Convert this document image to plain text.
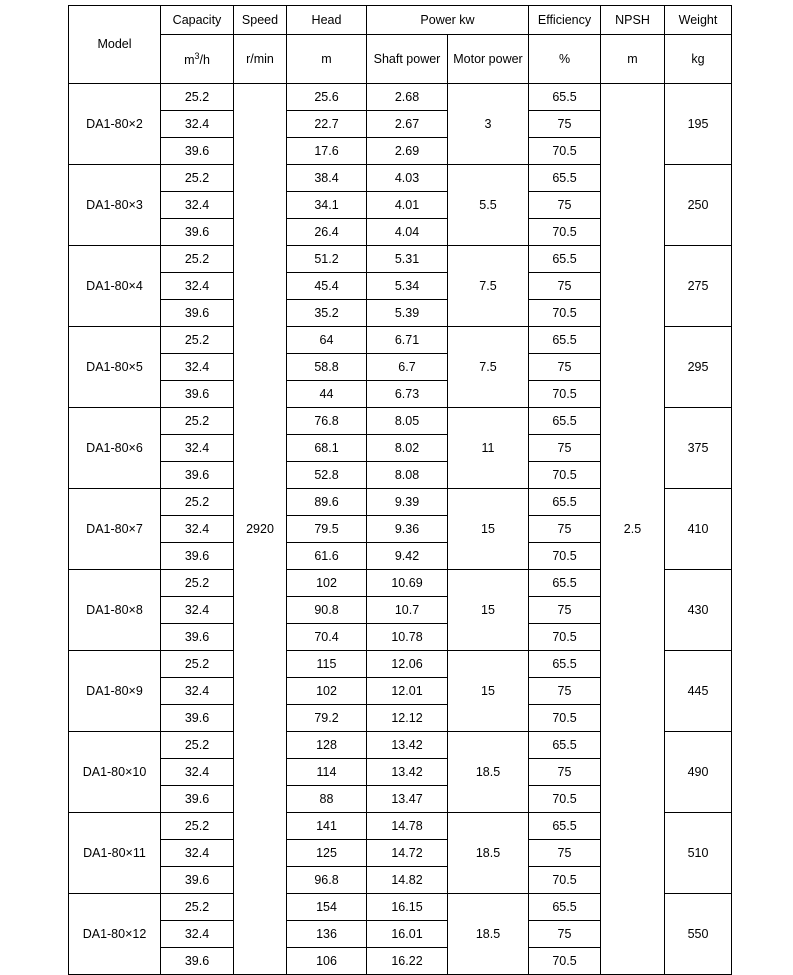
Model	Capacity	Speed	Head	Power kw		Efficiency	NPSH	Weight
	$m^3/h$	r/min	m	Shaft power	Motor power	%	m	kg
DA1-80×2	25.2	2920	25.6	2.68	3	65.5	2.5	195
	32.4		22.7	2.67		75		
	39.6		17.6	2.69		70.5		
DA1-80×3	25.2		38.4	4.03	5.5	65.5		250
	32.4		34.1	4.01		75		
	39.6		26.4	4.04		70.5		
DA1-80×4	25.2		51.2	5.31	7.5	65.5		275
	32.4		45.4	5.34		75		
	39.6		35.2	5.39		70.5		
DA1-80×5	25.2		64	6.71	7.5	65.5		295
	32.4		58.8	6.7		75		
	39.6		44	6.73		70.5		
DA1-80×6	25.2		76.8	8.05	11	65.5		375
	32.4		68.1	8.02		75		
	39.6		52.8	8.08		70.5		
DA1-80×7	25.2		89.6	9.39	15	65.5		410
	32.4		79.5	9.36		75		
	39.6		61.6	9.42		70.5		
DA1-80×8	25.2		102	10.69	15	65.5		430
	32.4		90.8	10.7		75		
	39.6		70.4	10.78		70.5		
DA1-80×9	25.2		115	12.06	15	65.5		445
	32.4		102	12.01		75		
	39.6		79.2	12.12		70.5		
DA1-80×10	25.2		128	13.42	18.5	65.5		490
	32.4		114	13.42		75		
	39.6		88	13.47		70.5		
DA1-80×11	25.2		141	14.78	18.5	65.5		510
	32.4		125	14.72		75		
	39.6		96.8	14.82		70.5		
DA1-80×12	25.2		154	16.15	18.5	65.5		550
	32.4		136	16.01		75		
	39.6		106	16.22		70.5		
